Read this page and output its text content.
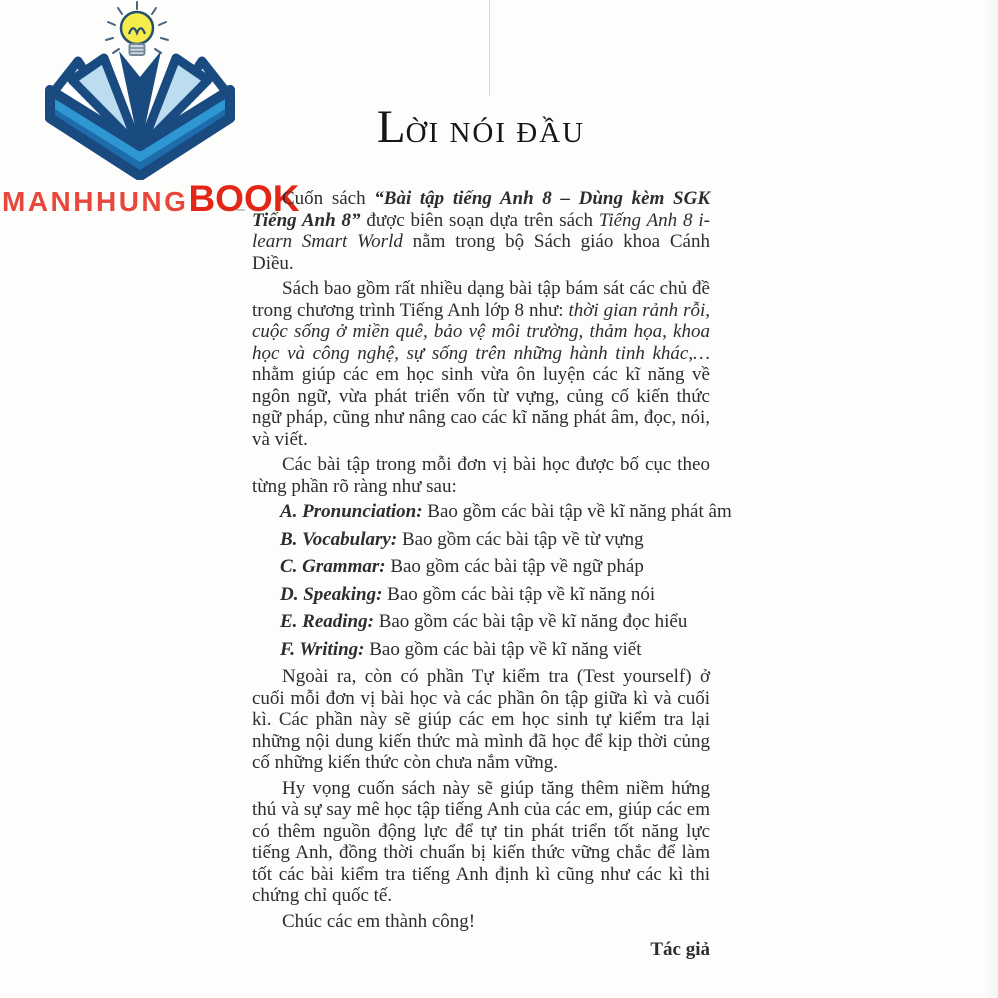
MANHHUNGBOOK
LỜI NÓI ĐẦU

Cuốn sách “Bài tập tiếng Anh 8 – Dùng kèm SGK Tiếng Anh 8” được biên soạn dựa trên sách Tiếng Anh 8 i-learn Smart World nằm trong bộ Sách giáo khoa Cánh Diều.

Sách bao gồm rất nhiều dạng bài tập bám sát các chủ đề trong chương trình Tiếng Anh lớp 8 như: thời gian rảnh rỗi, cuộc sống ở miền quê, bảo vệ môi trường, thảm họa, khoa học và công nghệ, sự sống trên những hành tinh khác,… nhằm giúp các em học sinh vừa ôn luyện các kĩ năng về ngôn ngữ, vừa phát triển vốn từ vựng, củng cố kiến thức ngữ pháp, cũng như nâng cao các kĩ năng phát âm, đọc, nói, và viết.

Các bài tập trong mỗi đơn vị bài học được bố cục theo từng phần rõ ràng như sau:

A. Pronunciation: Bao gồm các bài tập về kĩ năng phát âm
B. Vocabulary: Bao gồm các bài tập về từ vựng
C. Grammar: Bao gồm các bài tập về ngữ pháp
D. Speaking: Bao gồm các bài tập về kĩ năng nói
E. Reading: Bao gồm các bài tập về kĩ năng đọc hiểu
F. Writing: Bao gồm các bài tập về kĩ năng viết

Ngoài ra, còn có phần Tự kiểm tra (Test yourself) ở cuối mỗi đơn vị bài học và các phần ôn tập giữa kì và cuối kì. Các phần này sẽ giúp các em học sinh tự kiểm tra lại những nội dung kiến thức mà mình đã học để kịp thời củng cố những kiến thức còn chưa nắm vững.

Hy vọng cuốn sách này sẽ giúp tăng thêm niềm hứng thú và sự say mê học tập tiếng Anh của các em, giúp các em có thêm nguồn động lực để tự tin phát triển tốt năng lực tiếng Anh, đồng thời chuẩn bị kiến thức vững chắc để làm tốt các bài kiểm tra tiếng Anh định kì cũng như các kì thi chứng chỉ quốc tế.

Chúc các em thành công!

Tác giả
